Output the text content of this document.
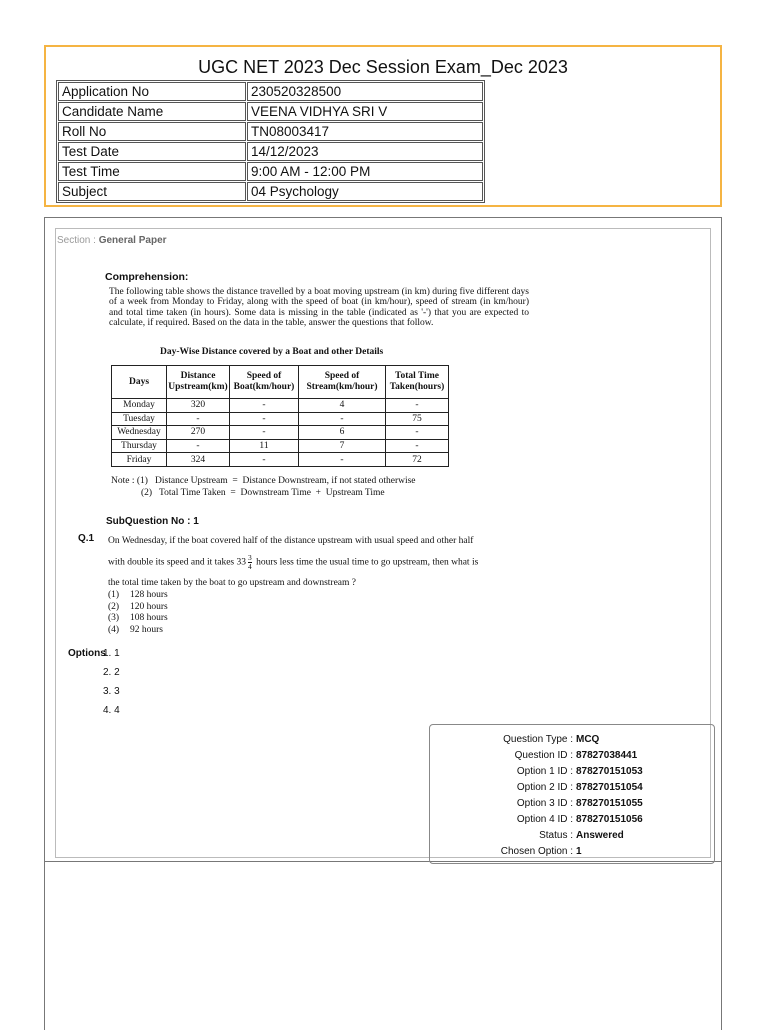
UGC NET 2023 Dec Session Exam_Dec 2023
Application No	230520328500
Candidate Name	VEENA VIDHYA SRI V
Roll No	TN08003417
Test Date	14/12/2023
Test Time	9:00 AM - 12:00 PM
Subject	04 Psychology
Section : General Paper
Comprehension:
The following table shows the distance travelled by a boat moving upstream (in km) during five different days of a week from Monday to Friday, along with the speed of boat (in km/hour), speed of stream (in km/hour) and total time taken (in hours). Some data is missing in the table (indicated as '-') that you are expected to calculate, if required. Based on the data in the table, answer the questions that follow.
Day-Wise Distance covered by a Boat and other Details
Days	Distance Upstream(km)	Speed of Boat(km/hour)	Speed of Stream(km/hour)	Total Time Taken(hours)
Monday	320	-	4	-
Tuesday	-	-	-	75
Wednesday	270	-	6	-
Thursday	-	11	7	-
Friday	324	-	-	72
Note : (1)   Distance Upstream  =  Distance Downstream, if not stated otherwise
(2)   Total Time Taken  =  Downstream Time  +  Upstream Time
SubQuestion No : 1
Q.1 On Wednesday, if the boat covered half of the distance upstream with usual speed and other half
with double its speed and it takes $33 \frac{3}{4}$ hours less time the usual time to go upstream, then what is
the total time taken by the boat to go upstream and downstream ?
(1) 128 hours
(2) 120 hours
(3) 108 hours
(4) 92 hours
Options
1. 1
2. 2
3. 3
4. 4
Question Type : MCQ
Question ID : 87827038441
Option 1 ID : 878270151053
Option 2 ID : 878270151054
Option 3 ID : 878270151055
Option 4 ID : 878270151056
Status : Answered
Chosen Option : 1
